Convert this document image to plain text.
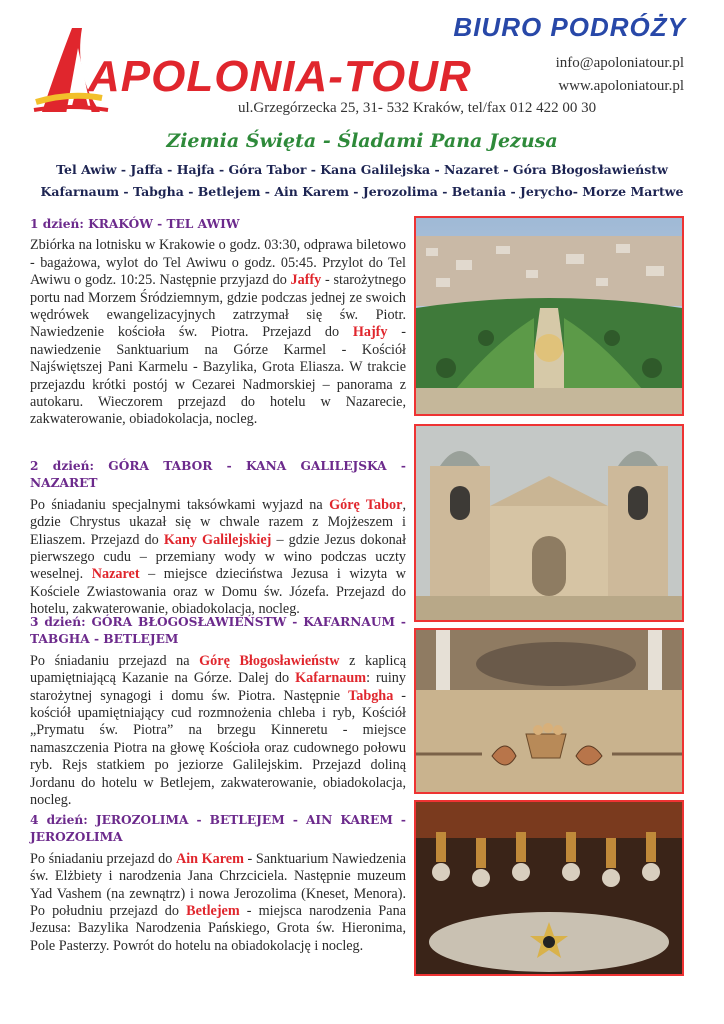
APOLONIA-TOUR
BIURO PODRÓŻY
info@apoloniatour.pl
www.apoloniatour.pl
ul.Grzegórzecka 25, 31- 532 Kraków, tel/fax 012 422 00 30
Ziemia Święta - Śladami Pana Jezusa
Tel Awiw - Jaffa - Hajfa - Góra Tabor - Kana Galilejska - Nazaret - Góra Błogosławieństw
Kafarnaum - Tabgha - Betlejem - Ain Karem - Jerozolima - Betania - Jerycho- Morze Martwe
1 dzień: KRAKÓW - TEL AWIW
Zbiórka na lotnisku w Krakowie o godz. 03:30, odprawa biletowo - bagażowa, wylot do Tel Awiwu o godz. 05:45. Przylot do Tel Awiwu o godz. 10:25. Następnie przyjazd do Jaffy - starożytnego portu nad Morzem Śródziemnym, gdzie podczas jednej ze swoich wędrówek ewangelizacyjnych zatrzymał się św. Piotr. Nawiedzenie kościoła św. Piotra. Przejazd do Hajfy - nawiedzenie Sanktuarium na Górze Karmel - Kościół Najświętszej Pani Karmelu - Bazylika, Grota Eliasza. W trakcie przejazdu krótki postój w Cezarei Nadmorskiej – panorama z autokaru. Wieczorem przejazd do hotelu w Nazarecie, zakwaterowanie, obiadokolacja, nocleg.
2 dzień: GÓRA TABOR - KANA GALILEJSKA - NAZARET
Po śniadaniu specjalnymi taksówkami wyjazd na Górę Tabor, gdzie Chrystus ukazał się w chwale razem z Mojżeszem i Eliaszem. Przejazd do Kany Galilejskiej – gdzie Jezus dokonał pierwszego cudu – przemiany wody w wino podczas uczty weselnej. Nazaret – miejsce dzieciństwa Jezusa i wizyta w Kościele Zwiastowania oraz w Domu św. Józefa. Przejazd do hotelu, zakwaterowanie, obiadokolacja, nocleg.
3 dzień: GÓRA BŁOGOSŁAWIEŃSTW - KAFARNAUM - TABGHA - BETLEJEM
Po śniadaniu przejazd na Górę Błogosławieństw z kaplicą upamiętniającą Kazanie na Górze. Dalej do Kafarnaum: ruiny starożytnej synagogi i domu św. Piotra. Następnie Tabgha - kościół upamiętniający cud rozmnożenia chleba i ryb, Kościół „Prymatu św. Piotra” na brzegu Kinneretu - miejsce namaszczenia Piotra na głowę Kościoła oraz cudownego połowu ryb. Rejs statkiem po jeziorze Galilejskim. Przejazd doliną Jordanu do hotelu w Betlejem, zakwaterowanie, obiadokolacja, nocleg.
4 dzień: JEROZOLIMA - BETLEJEM - AIN KAREM - JEROZOLIMA
Po śniadaniu przejazd do Ain Karem - Sanktuarium Nawiedzenia św. Elżbiety i narodzenia Jana Chrzciciela. Następnie muzeum Yad Vashem (na zewnątrz) i nowa Jerozolima (Kneset, Menora). Po południu przejazd do Betlejem - miejsca narodzenia Pana Jezusa: Bazylika Narodzenia Pańskiego, Grota św. Hieronima, Pole Pasterzy. Powrót do hotelu na obiadokolację i nocleg.
